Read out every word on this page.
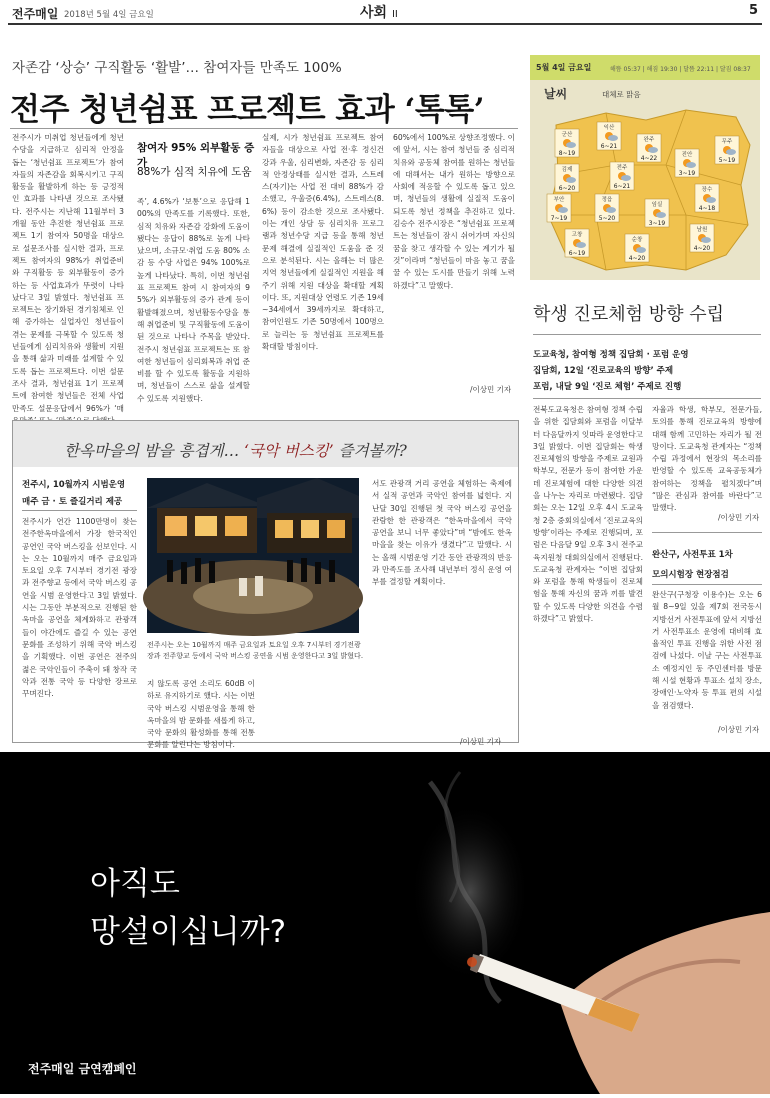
전주매일 2018년 5월 4일 금요일	사회 II	5
자존감 ‘상승’ 구직활동 ‘활발’… 참여자들 만족도 100%
전주 청년쉼표 프로젝트 효과 ‘톡톡’
전주시가 미취업 청년들에게 청년수당을 지급하고 심리적 안정을 돕는 ‘청년쉼표 프로젝트’가 참여자들의 자존감을 회복시키고 구직활동을 활발하게 하는 등 긍정적인 효과를 나타낸 것으로 조사됐다. 전주시는 지난해 11월부터 3개월 동안 추진한 청년쉼표 프로젝트 1기 참여자 50명을 대상으로 설문조사를 실시한 결과, 프로젝트 참여자의 98%가 취업준비와 구직활동 등 외부활동이 증가하는 등 사업효과가 뚜렷이 나타났다고 3일 밝혔다. 청년쉼표 프로젝트는 장기화된 경기침체로 인해 증가하는 실업자인 청년들이 겪는 문제를 극복할 수 있도록 청년들에게 심리치유와 생활비 지원을 통해 삶과 미래를 설계할 수 있도록 돕는 프로젝트다. 이번 설문조사 결과, 청년쉼표 1기 프로젝트에 참여한 청년들은 전체 사업만족도 설문응답에서 96%가 ‘매
참여자 95% 외부활동 증가
88%가 심적 치유에 도움
족’, 4.6%가 ‘보통’으로 응답해 100%의 만족도를 기록했다. 또한, 심적 치유와 자존감 강화에 도움이 됐다는 응답이 88%로 높게 나타났으며, 소규모·취업 도움 80% 소감 등 수당 사업은 94% 100%로 높게 나타났다. 특히, 이번 청년쉼표 프로젝트 참여 시 참여자의 95%가 외부활동의 증가 관계 등이 활발해졌으며, 청년활동수당을 통해 취업준비 및 구직활동에 도움이 된 것으로 나타나 주목을 받았다. 전주시 청년쉼표 프로젝트는 또 참여한 청년들이 심리회복과 취업 준비를 할 수 있도록 활동을 지원하며, 청년들이 스스로 삶을 설계할 수 있도록 지원했다.
실제, 시가 청년쉼표 프로젝트 참여자들을 대상으로 사업 전·후 정신건강과 우울, 심리변화, 자존감 등 심리적 안정상태를 실시한 결과, 스트레스(자기)는 사업 전 대비 88%가 감소했고, 우울증(6.4%), 스트레스(8.6%) 등이 감소한 것으로 조사됐다. 이는 개인 상담 등 심리치유 프로그램과 청년수당 지급 등을 통해 청년 문제 해결에 실질적인 도움을 준 것으로 분석된다. 시는 올해는 더 많은 지역 청년들에게 실질적인 지원을 해주기 위해 지원 대상을 확대할 계획이다. 또, 지원대상 연령도 기존 19세~34세에서 39세까지로 확대하고, 참여인원도 기존 50명에서 100명으로 늘리는 등 청년쉼표 프로젝트를 확대할 방침이다.
60%에서 100%로 상향조정했다. 이에 앞서, 시는 참여 청년들 중 심리적 치유와 공동체 참여를 원하는 청년들에 대해서는 내가 원하는 방향으로 사회에 적응할 수 있도록 돕고 있으며, 청년들의 생활에 실질적 도움이 되도록 청년 정책을 추진하고 있다. 김승수 전주시장은 “청년쉼표 프로젝트는 청년들이 잠시 쉬어가며 자신의 꿈을 찾고 생각할 수 있는 계기가 될 것”이라며 “청년들이 마음 놓고 꿈을 꿀 수 있는 도시를 만들기 위해 노력하겠다”고 말했다.
/이상민 기자
5월 4일 금요일	해뜸 05:37 | 해짐 19:30 | 달뜸 22:11 | 달짐 08:37
날씨	대체로 맑음
군산
8~19
익산
6~21
완주
4~22	진안
3~19
무주
5~19
김제
6~20
전주
6~21	장수
4~18
부안
7~19
정읍
5~20
임실
3~19
남원
4~20
고창
6~19
순창
4~20
학생 진로체험 방향 수립
도교육청, 참여형 정책 집담회 · 포럼 운영
집담회, 12일 ‘진로교육의 방향’ 주제
포럼, 내달 9일 ‘진로 체험’ 주제로 진행
전북도교육청은 참여형 정책 수립을 위한 집담회와 포럼을 이달부터 다음달까지 잇따라 운영한다고 3일 밝혔다. 이번 집담회는 학생 진로체험의 방향을 주제로 교원과 학부모, 전문가 등이 참여한 가운데 진로체험에 대한 다양한 의견을 나누는 자리로 마련됐다. 집담회는 오는 12일 오후 4시 도교육청 2층 중회의실에서 ‘진로교육의 방향’이라는 주제로 진행되며, 포럼은 다음달 9일 오후 3시 전주교육지원청 대회의실에서 진행된다. 도교육청 관계자는 “이번 집담회와 포럼을 통해 학생들이 진로체험을 통해 자신의 꿈과 끼를 발견할 수 있도록 다양한 의견을 수렴하겠다”고 밝혔다.
자율과 학생, 학부모, 전문가들, 토의를 통해 진로교육의 방향에 대해 함께 고민하는 자리가 될 전망이다. 도교육청 관계자는 “정책 수립 과정에서 현장의 목소리를 반영할 수 있도록 교육공동체가 참여하는 정책을 펼치겠다”며 “많은 관심과 참여를 바란다”고 말했다.
/이상민 기자
완산구, 사전투표 1차
모의시험장 현장점검
완산구(구청장 이용수)는 오는 6월 8~9일 있을 제7회 전국동시지방선거 사전투표에 앞서 지방선거 사전투표소 운영에 대비해 효율적인 투표 진행을 위한 사전 점검에 나섰다. 이날 구는 사전투표소 예정지인 동 주민센터를 방문해 시설 현황과 투표소 설치 장소, 장애인·노약자 등 투표 편의 시설을 점검했다.
/이상민 기자
한옥마을의 밤을 흥겹게… ‘국악 버스킹’ 즐겨볼까?
전주시, 10월까지 시범운영
매주 금 · 토 즐길거리 제공
전주시가 연간 1100만명이 찾는 전주한옥마을에서 가장 한국적인 공연인 국악 버스킹을 선보인다. 시는 오는 10월까지 매주 금요일과 토요일 오후 7시부터 경기전 광장과 전주향교 등에서 국악 버스킹 공연을 시범 운영한다고 3일 밝혔다. 시는 그동안 부분적으로 진행된 한옥마을 공연을 체계화하고 관광객들이 야간에도 즐길 수 있는 공연 문화를 조성하기 위해 국악 버스킹을 기획했다. 이번 공연은 전주의 젊은 국악인들이 주축이 돼 창작 국악과 전통 국악 등 다양한 장르로 꾸며진다.
전주시는 오는 10월까지 매주 금요일과 토요일 오후 7시부터 경기전광장과 전주향교 등에서 국악 버스킹 공연을 시범 운영한다고 3일 밝혔다.
지 않도록 공연 소리도 60dB 이하로 유지하기로 했다. 시는 이번 국악 버스킹 시범운영을 통해 한옥마을의 밤 문화를 새롭게 하고, 국악 문화의 활성화를 통해 전통문화를 알린다는 방침이다.
서도 관광객 거리 공연을 체험하는 축제에서 실적 공연과 국악인 참여를 넓힌다. 지난달 30일 진행된 첫 국악 버스킹 공연을 관람한 한 관광객은 “한옥마을에서 국악 공연을 보니 너무 좋았다”며 “밤에도 한옥마을을 찾는 이유가 생겼다”고 말했다. 시는 올해 시범운영 기간 동안 관광객의 반응과 만족도를 조사해 내년부터 정식 운영 여부를 결정할 계획이다.
/이상민 기자
아직도
망설이십니까?
전주매일 금연캠페인
